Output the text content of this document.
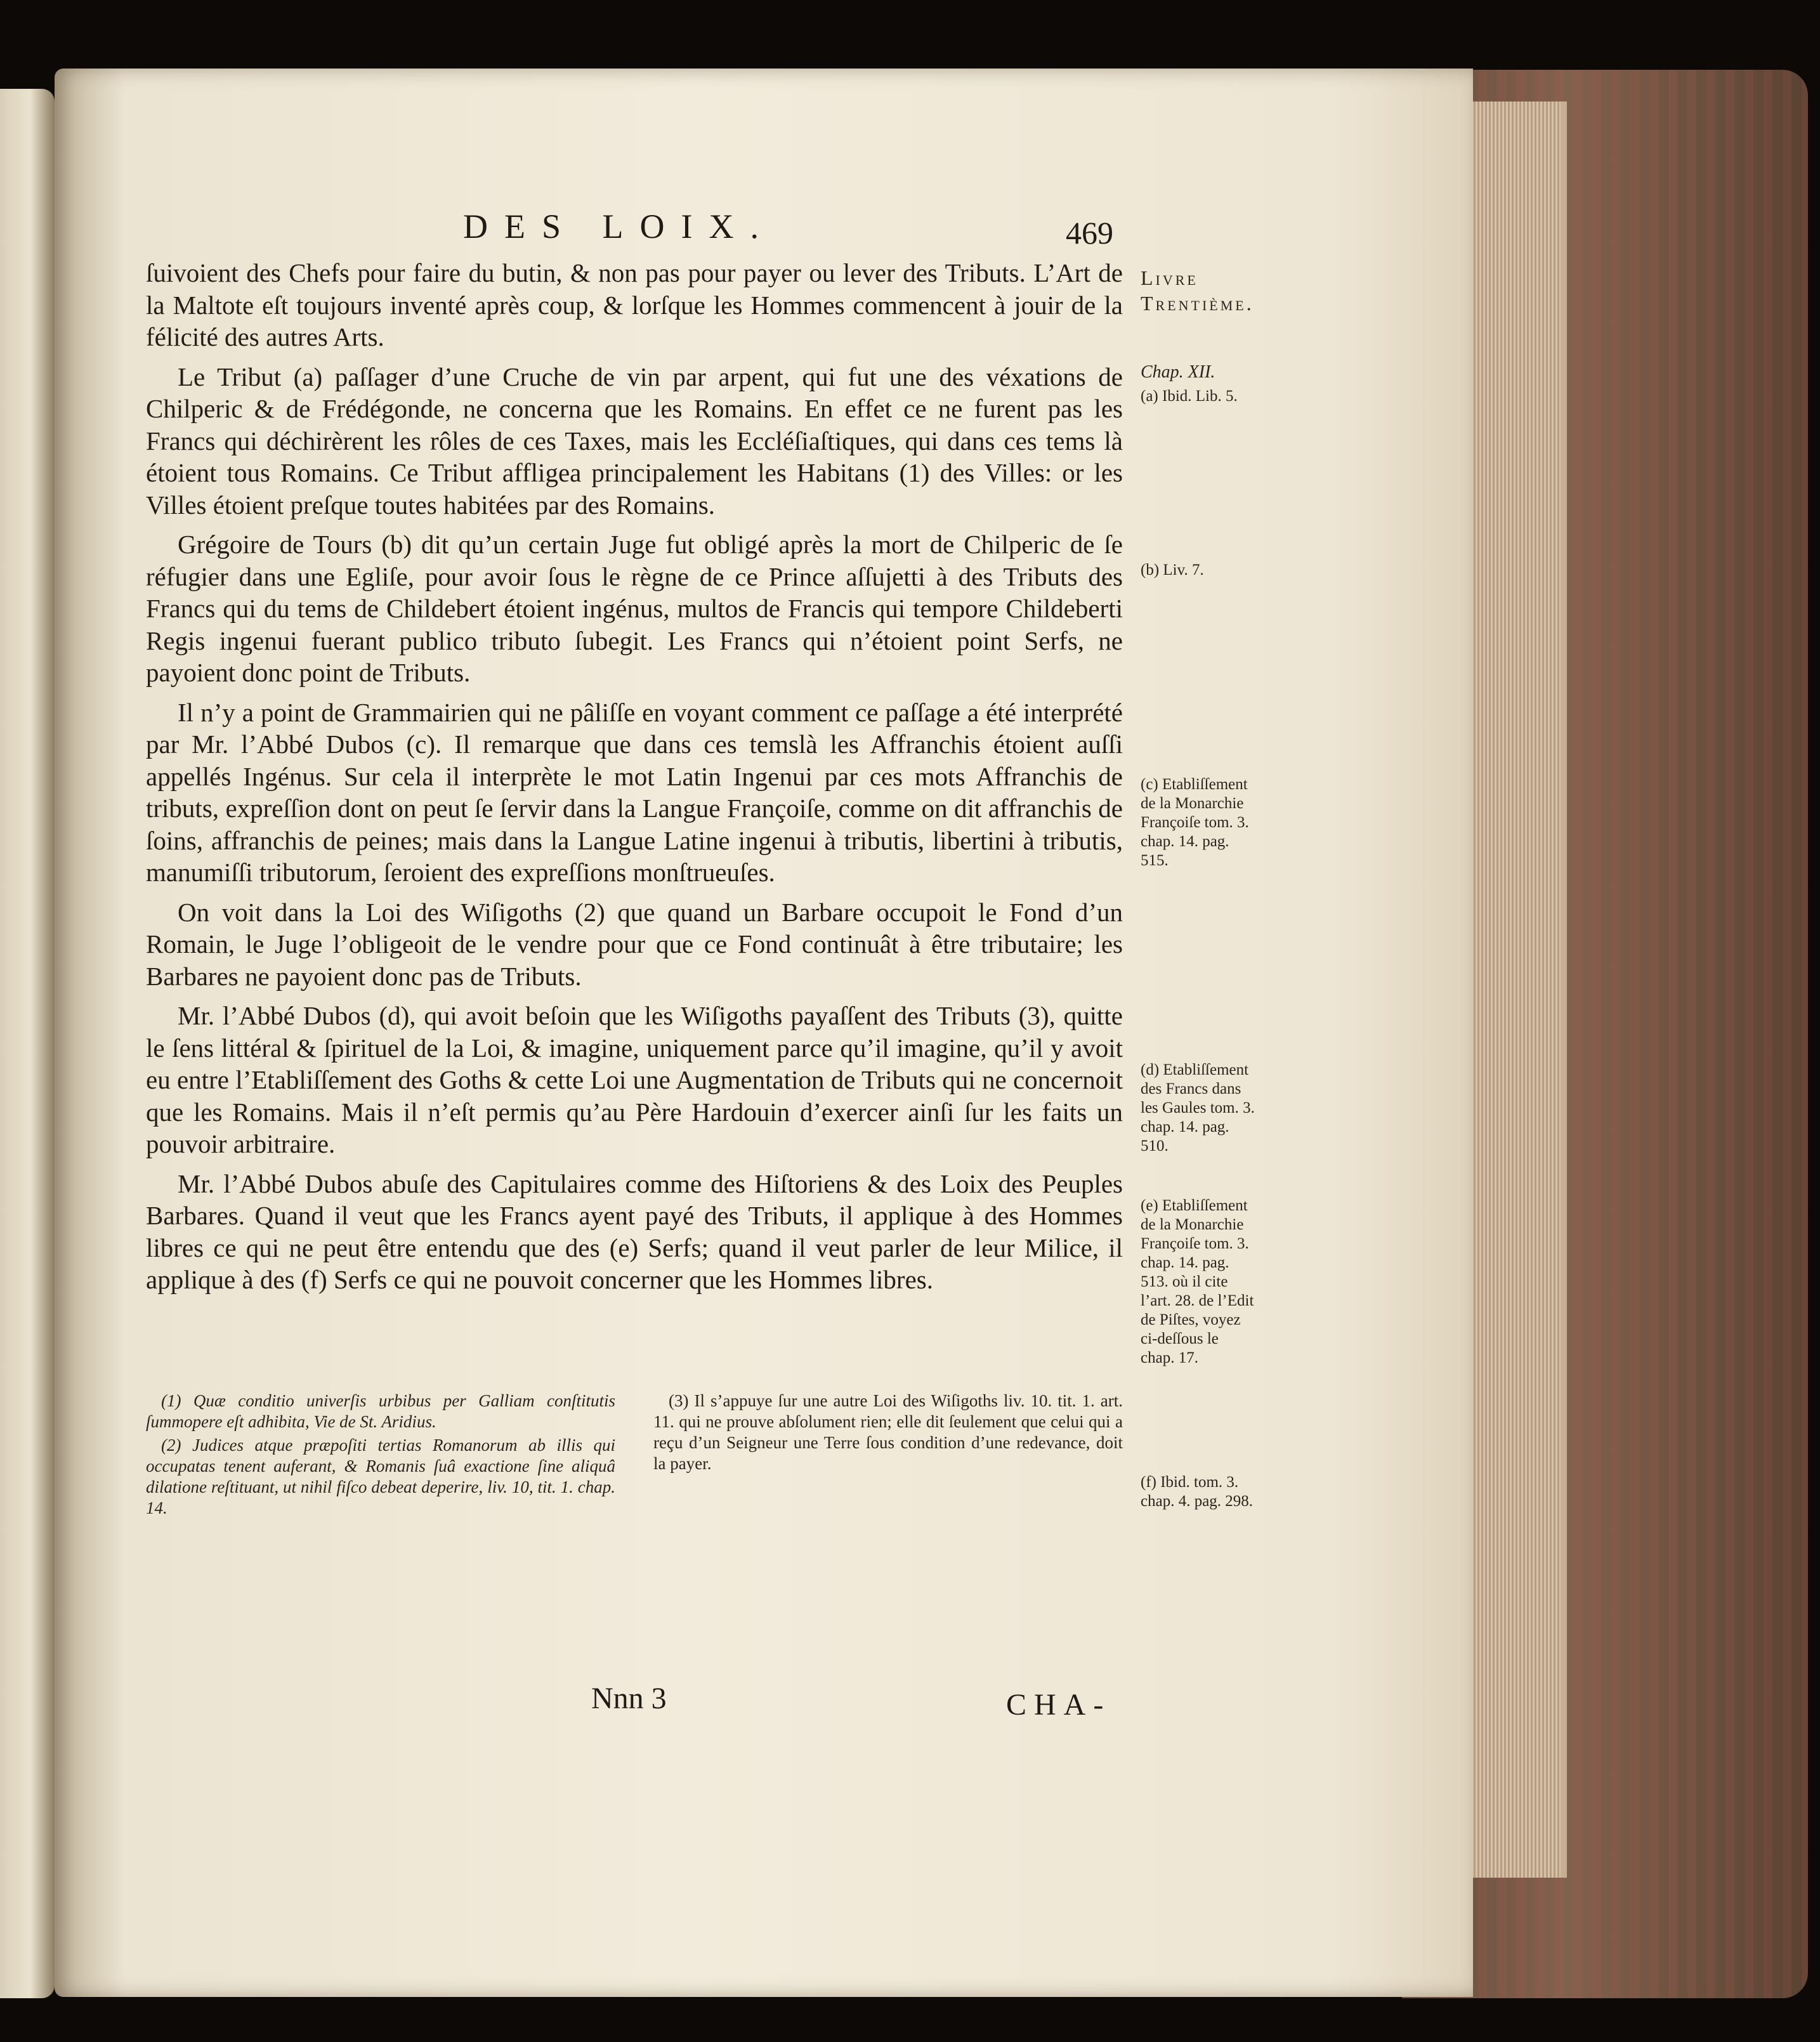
DES LOIX.	469

ſuivoient des Chefs pour faire du butin, & non pas pour payer ou lever des Tributs. L’Art de la Maltote eſt toujours inventé après coup, & lorſque les Hommes commencent à jouir de la félicité des autres Arts.

Le Tribut (a) paſſager d’une Cruche de vin par arpent, qui fut une des véxations de Chilperic & de Frédégonde, ne concerna que les Romains. En effet ce ne furent pas les Francs qui déchirèrent les rôles de ces Taxes, mais les Eccléſiaſtiques, qui dans ces tems là étoient tous Romains. Ce Tribut affligea principalement les Habitans (1) des Villes: or les Villes étoient preſque toutes habitées par des Romains.

Grégoire de Tours (b) dit qu’un certain Juge fut obligé après la mort de Chilperic de ſe réfugier dans une Egliſe, pour avoir ſous le règne de ce Prince aſſujetti à des Tributs des Francs qui du tems de Childebert étoient ingénus, multos de Francis qui tempore Childeberti Regis ingenui fuerant publico tributo ſubegit. Les Francs qui n’étoient point Serfs, ne payoient donc point de Tributs.

Il n’y a point de Grammairien qui ne pâliſſe en voyant comment ce paſſage a été interprété par Mr. l’Abbé Dubos (c). Il remarque que dans ces temslà les Affranchis étoient auſſi appellés Ingénus. Sur cela il interprète le mot Latin Ingenui par ces mots Affranchis de tributs, expreſſion dont on peut ſe ſervir dans la Langue Françoiſe, comme on dit affranchis de ſoins, affranchis de peines; mais dans la Langue Latine ingenui à tributis, libertini à tributis, manumiſſi tributorum, ſeroient des expreſſions monſtrueuſes.

On voit dans la Loi des Wiſigoths (2) que quand un Barbare occupoit le Fond d’un Romain, le Juge l’obligeoit de le vendre pour que ce Fond continuât à être tributaire; les Barbares ne payoient donc pas de Tributs.

Mr. l’Abbé Dubos (d), qui avoit beſoin que les Wiſigoths payaſſent des Tributs (3), quitte le ſens littéral & ſpirituel de la Loi, & imagine, uniquement parce qu’il imagine, qu’il y avoit eu entre l’Etabliſſement des Goths & cette Loi une Augmentation de Tributs qui ne concernoit que les Romains. Mais il n’eſt permis qu’au Père Hardouin d’exercer ainſi ſur les faits un pouvoir arbitraire.

Mr. l’Abbé Dubos abuſe des Capitulaires comme des Hiſtoriens & des Loix des Peuples Barbares. Quand il veut que les Francs ayent payé des Tributs, il applique à des Hommes libres ce qui ne peut être entendu que des (e) Serfs; quand il veut parler de leur Milice, il applique à des (f) Serfs ce qui ne pouvoit concerner que les Hommes libres.

(1) Quæ conditio univerſis urbibus per Galliam conſtitutis ſummopere eſt adhibita, Vie de St. Aridius.

(2) Judices atque præpoſiti tertias Romanorum ab illis qui occupatas tenent auferant, & Romanis ſuâ exactione ſine aliquâ dilatione reſtituant, ut nihil fiſco debeat deperire, liv. 10, tit. 1. chap. 14.

(3) Il s’appuye ſur une autre Loi des Wiſigoths liv. 10. tit. 1. art. 11. qui ne prouve abſolument rien; elle dit ſeulement que celui qui a reçu d’un Seigneur une Terre ſous condition d’une redevance, doit la payer.

Livre Trentième.
Chap. XII.
(a) Ibid. Lib. 5.
(b) Liv. 7.
(c) Etabliſſement de la Monarchie Françoiſe tom. 3. chap. 14. pag. 515.
(d) Etabliſſement des Francs dans les Gaules tom. 3. chap. 14. pag. 510.
(e) Etabliſſement de la Monarchie Françoiſe tom. 3. chap. 14. pag. 513. où il cite l’art. 28. de l’Edit de Piſtes, voyez ci-deſſous le chap. 17.
(f) Ibid. tom. 3. chap. 4. pag. 298.
Nnn 3	CHA-
